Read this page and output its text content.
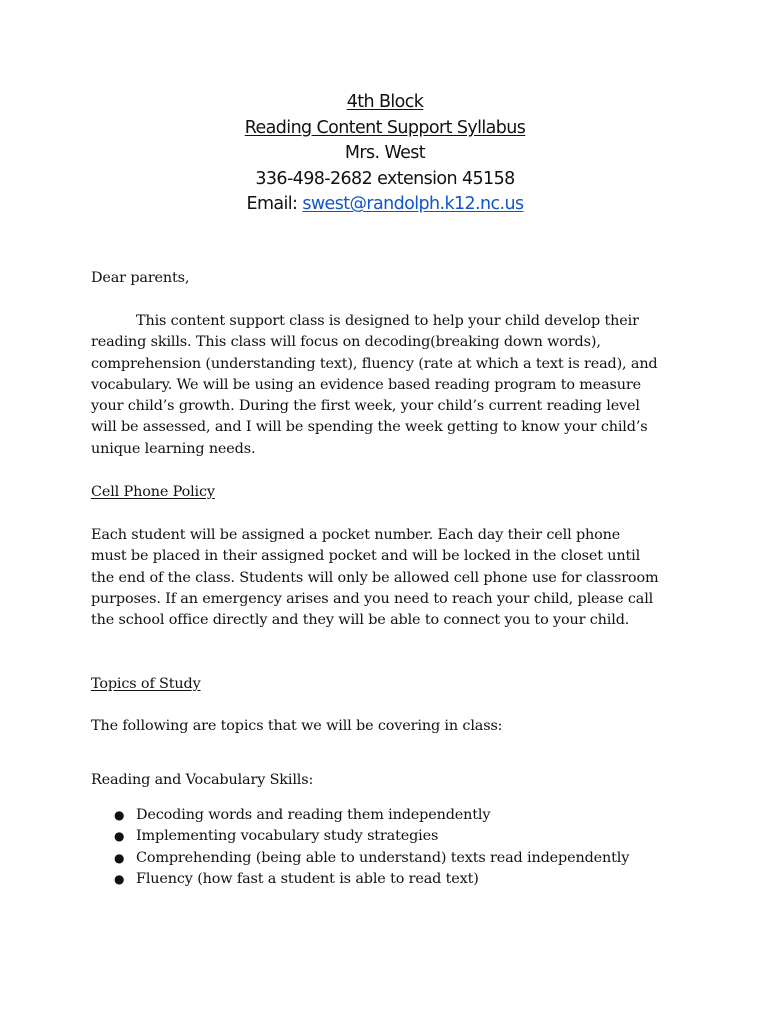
4th Block
Reading Content Support Syllabus
Mrs. West
336-498-2682 extension 45158
Email: swest@randolph.k12.nc.us
Dear parents,
This content support class is designed to help your child develop their
reading skills. This class will focus on decoding(breaking down words),
comprehension (understanding text), fluency (rate at which a text is read), and
vocabulary. We will be using an evidence based reading program to measure
your child’s growth. During the first week, your child’s current reading level
will be assessed, and I will be spending the week getting to know your child’s
unique learning needs.
Cell Phone Policy
Each student will be assigned a pocket number. Each day their cell phone
must be placed in their assigned pocket and will be locked in the closet until
the end of the class. Students will only be allowed cell phone use for classroom
purposes. If an emergency arises and you need to reach your child, please call
the school office directly and they will be able to connect you to your child.
Topics of Study
The following are topics that we will be covering in class:
Reading and Vocabulary Skills:
● Decoding words and reading them independently
● Implementing vocabulary study strategies
● Comprehending (being able to understand) texts read independently
● Fluency (how fast a student is able to read text)
